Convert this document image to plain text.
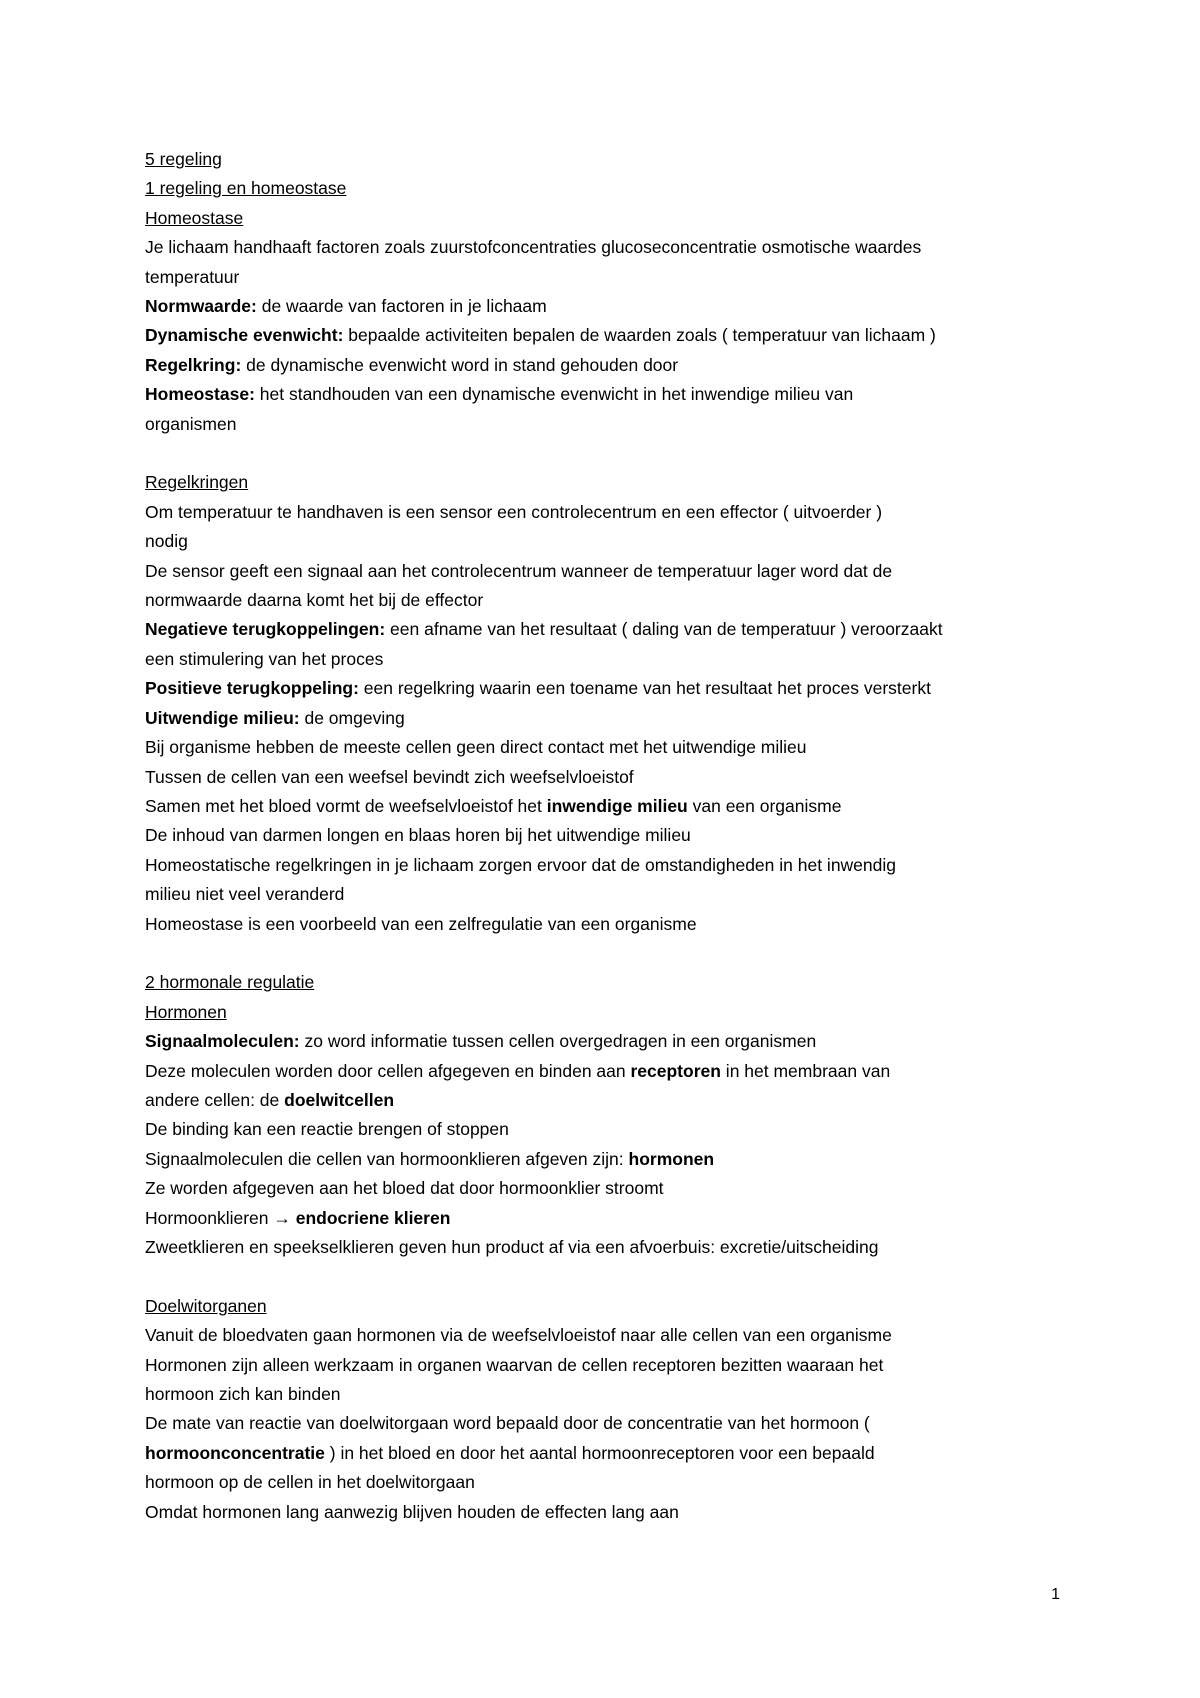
5 regeling
1 regeling en homeostase
Homeostase
Je lichaam handhaaft factoren zoals zuurstofconcentraties glucoseconcentratie osmotische waardes
temperatuur
Normwaarde: de waarde van factoren in je lichaam
Dynamische evenwicht: bepaalde activiteiten bepalen de waarden zoals ( temperatuur van lichaam )
Regelkring: de dynamische evenwicht word in stand gehouden door
Homeostase: het standhouden van een dynamische evenwicht in het inwendige milieu van
organismen
Regelkringen
Om temperatuur te handhaven is een sensor een controlecentrum en een effector ( uitvoerder )
nodig
De sensor geeft een signaal aan het controlecentrum wanneer de temperatuur lager word dat de
normwaarde daarna komt het bij de effector
Negatieve terugkoppelingen: een afname van het resultaat ( daling van de temperatuur ) veroorzaakt
een stimulering van het proces
Positieve terugkoppeling: een regelkring waarin een toename van het resultaat het proces versterkt
Uitwendige milieu: de omgeving
Bij organisme hebben de meeste cellen geen direct contact met het uitwendige milieu
Tussen de cellen van een weefsel bevindt zich weefselvloeistof
Samen met het bloed vormt de weefselvloeistof het inwendige milieu van een organisme
De inhoud van darmen longen en blaas horen bij het uitwendige milieu
Homeostatische regelkringen in je lichaam zorgen ervoor dat de omstandigheden in het inwendig
milieu niet veel veranderd
Homeostase is een voorbeeld van een zelfregulatie van een organisme
2 hormonale regulatie
Hormonen
Signaalmoleculen: zo word informatie tussen cellen overgedragen in een organismen
Deze moleculen worden door cellen afgegeven en binden aan receptoren in het membraan van
andere cellen: de doelwitcellen
De binding kan een reactie brengen of stoppen
Signaalmoleculen die cellen van hormoonklieren afgeven zijn: hormonen
Ze worden afgegeven aan het bloed dat door hormoonklier stroomt
Hormoonklieren → endocriene klieren
Zweetklieren en speekselklieren geven hun product af via een afvoerbuis: excretie/uitscheiding
Doelwitorganen
Vanuit de bloedvaten gaan hormonen via de weefselvloeistof naar alle cellen van een organisme
Hormonen zijn alleen werkzaam in organen waarvan de cellen receptoren bezitten waaraan het
hormoon zich kan binden
De mate van reactie van doelwitorgaan word bepaald door de concentratie van het hormoon (
hormoonconcentratie ) in het bloed en door het aantal hormoonreceptoren voor een bepaald
hormoon op de cellen in het doelwitorgaan
Omdat hormonen lang aanwezig blijven houden de effecten lang aan
1
